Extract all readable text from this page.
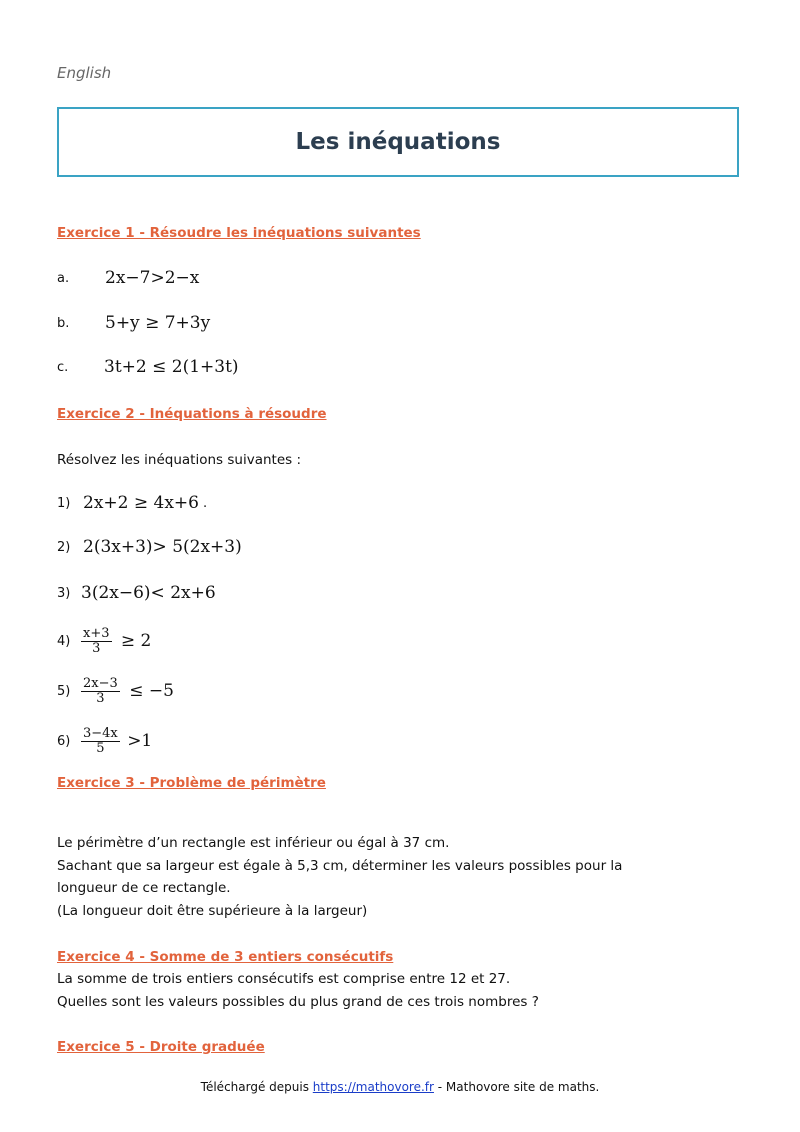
English
Les inéquations
Exercice 1 - Résoudre les inéquations suivantes
a.	2x−7>2−x
b.	5+y ≥ 7+3y
c.	3t+2 ≤ 2(1+3t)
Exercice 2 - Inéquations à résoudre
Résolvez les inéquations suivantes :
1) 2x+2 ≥ 4x+6 .
2) 2(3x+3)> 5(2x+3)
3) 3(2x−6)< 2x+6
$4) \frac{x+3}{3} \ge 2$
$5) \frac{2x-3}{3} \le -5$
$6) \frac{3-4x}{5} >1$
Exercice 3 - Problème de périmètre
Le périmètre d’un rectangle est inférieur ou égal à 37 cm.
Sachant que sa largeur est égale à 5,3 cm, déterminer les valeurs possibles pour la
longueur de ce rectangle.
(La longueur doit être supérieure à la largeur)
Exercice 4 - Somme de 3 entiers consécutifs
La somme de trois entiers consécutifs est comprise entre 12 et 27.
Quelles sont les valeurs possibles du plus grand de ces trois nombres ?
Exercice 5 - Droite graduée
Téléchargé depuis https://mathovore.fr - Mathovore site de maths.
